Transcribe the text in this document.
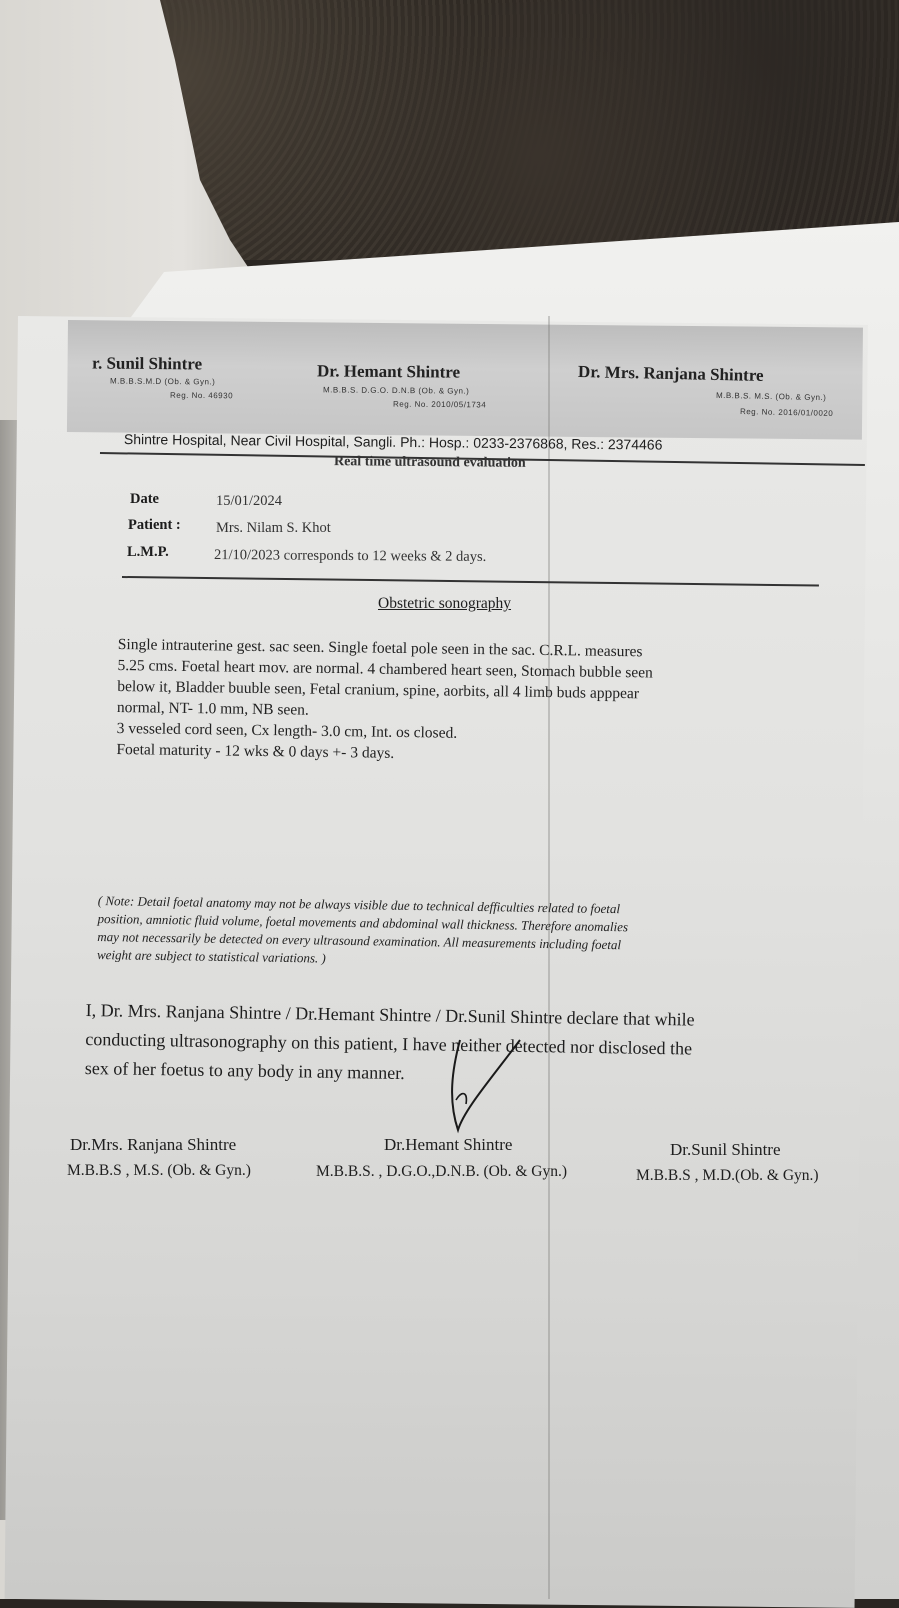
r. Sunil Shintre
M.B.B.S.M.D (Ob. & Gyn.)
Reg. No. 46930
Dr. Hemant Shintre
M.B.B.S. D.G.O. D.N.B (Ob. & Gyn.)
Reg. No. 2010/05/1734
Dr. Mrs. Ranjana Shintre
M.B.B.S. M.S. (Ob. & Gyn.)
Reg. No. 2016/01/0020
Shintre Hospital, Near Civil Hospital, Sangli. Ph.: Hosp.: 0233-2376868, Res.: 2374466
Real time ultrasound evaluation
Date	15/01/2024
Patient : Mrs. Nilam S. Khot
L.M.P.	21/10/2023 corresponds to 12 weeks & 2 days.
Obstetric sonography
Single intrauterine gest. sac seen. Single foetal pole seen in the sac. C.R.L. measures
5.25 cms. Foetal heart mov. are normal. 4 chambered heart seen, Stomach bubble seen
below it, Bladder buuble seen, Fetal cranium, spine, aorbits, all 4 limb buds apppear
normal, NT- 1.0 mm, NB seen.
3 vesseled cord seen, Cx length- 3.0 cm, Int. os closed.
Foetal maturity - 12 wks & 0 days +- 3 days.
( Note: Detail foetal anatomy may not be always visible due to technical defficulties related to foetal
position, amniotic fluid volume, foetal movements and abdominal wall thickness. Therefore anomalies
may not necessarily be detected on every ultrasound examination. All measurements including foetal
weight are subject to statistical variations. )
I, Dr. Mrs. Ranjana Shintre / Dr.Hemant Shintre / Dr.Sunil Shintre declare that while
conducting ultrasonography on this patient, I have neither detected nor disclosed the
sex of her foetus to any body in any manner.
Dr.Mrs. Ranjana Shintre
M.B.B.S , M.S. (Ob. & Gyn.)
Dr.Hemant Shintre
M.B.B.S. , D.G.O.,D.N.B. (Ob. & Gyn.)
Dr.Sunil Shintre
M.B.B.S , M.D.(Ob. & Gyn.)
